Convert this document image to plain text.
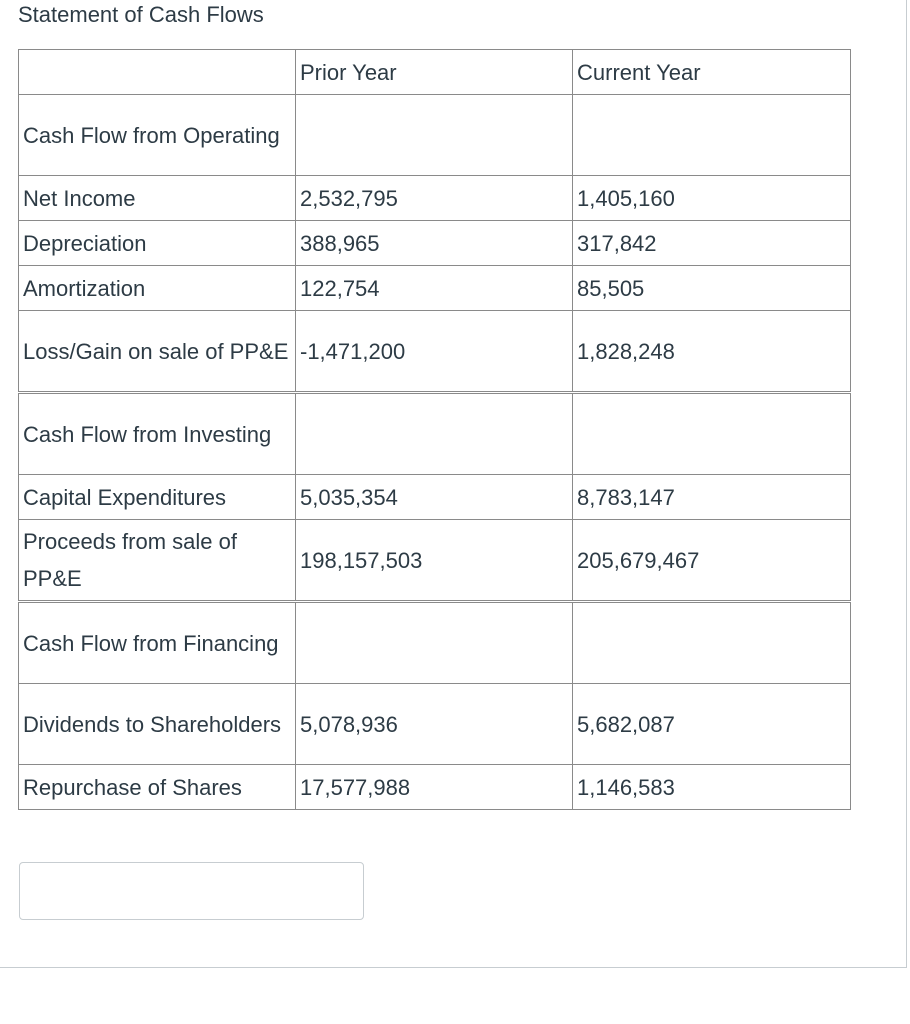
Statement of Cash Flows
	Prior Year	Current Year
Cash Flow from Operating		
Net Income	2,532,795	1,405,160
Depreciation	388,965	317,842
Amortization	122,754	85,505
Loss/Gain on sale of PP&E	-1,471,200	1,828,248
Cash Flow from Investing		
Capital Expenditures	5,035,354	8,783,147
Proceeds from sale of PP&E	198,157,503	205,679,467
Cash Flow from Financing		
Dividends to Shareholders	5,078,936	5,682,087
Repurchase of Shares	17,577,988	1,146,583
